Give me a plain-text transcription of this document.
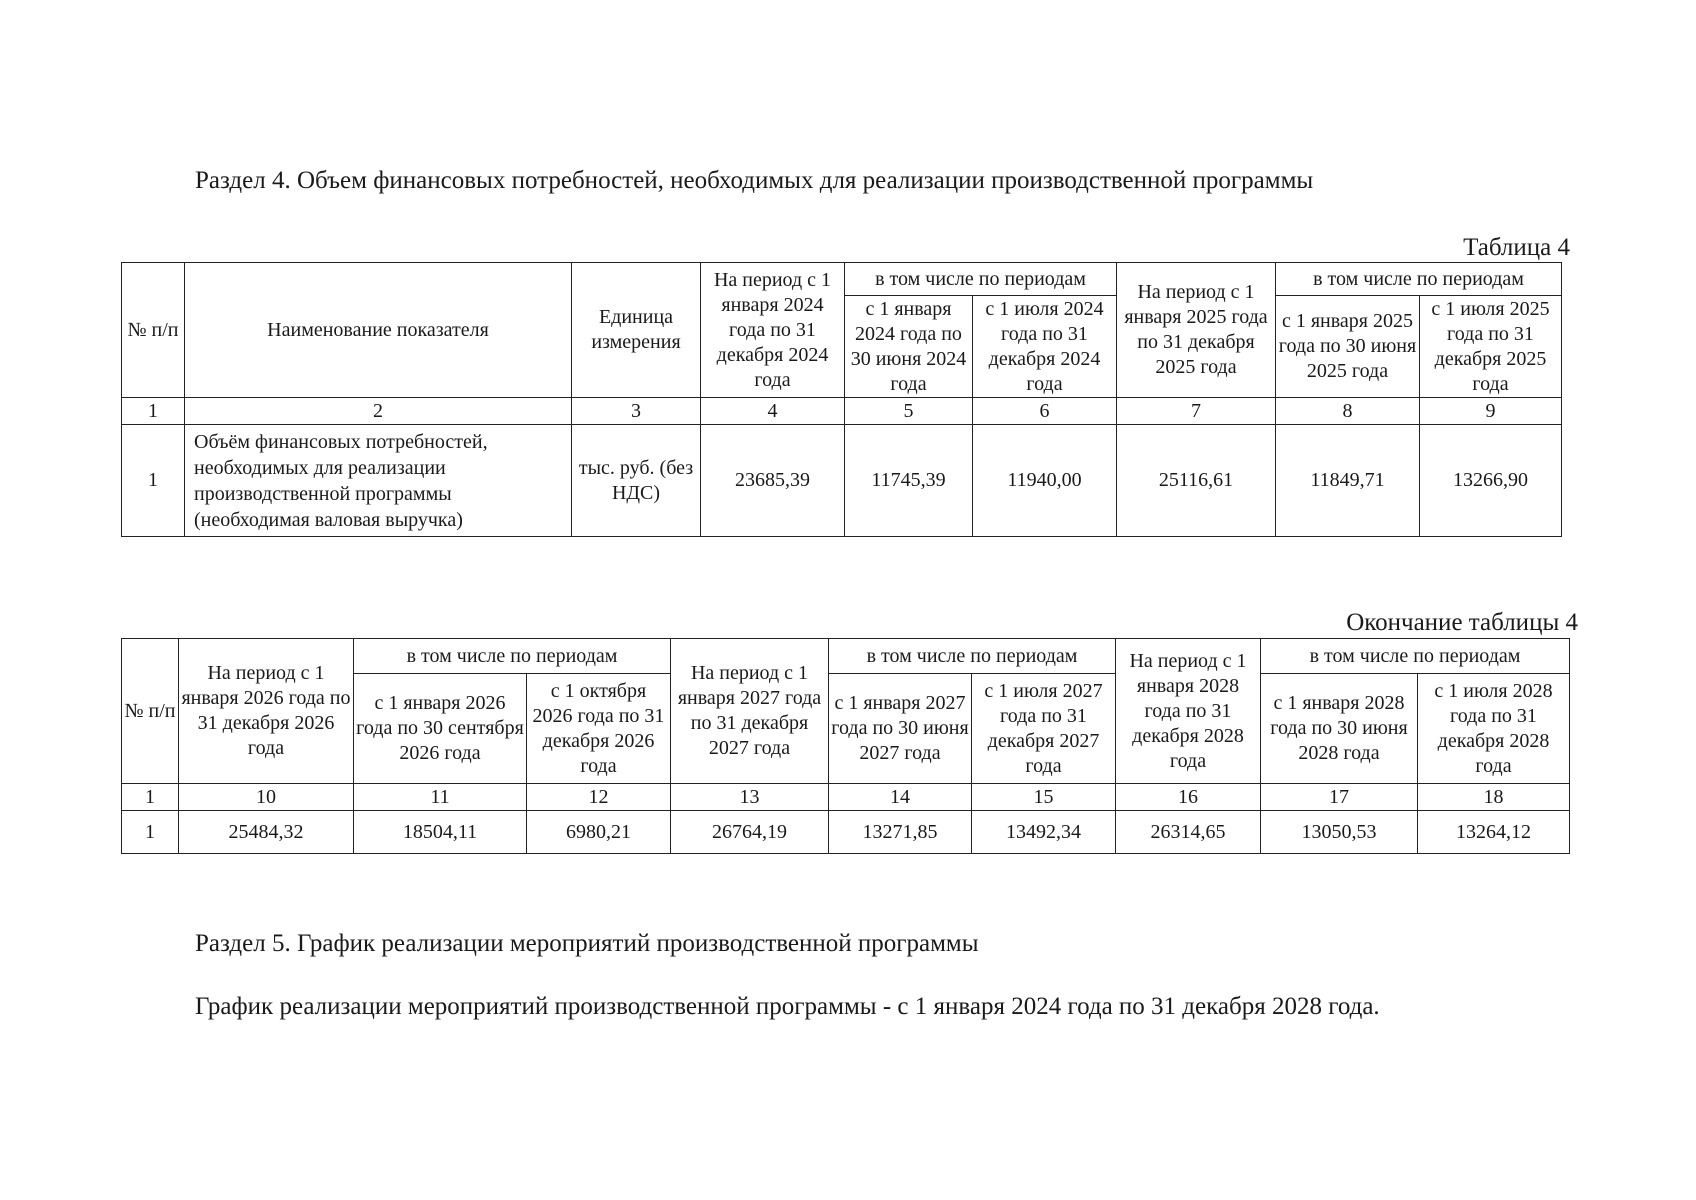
Раздел 4. Объем финансовых потребностей, необходимых для реализации производственной программы
Таблица 4
№ п/п	Наименование показателя	Единица измерения	На период с 1 января 2024 года по 31 декабря 2024 года	в том числе по периодам		На период с 1 января 2025 года по 31 декабря 2025 года	в том числе по периодам	
				с 1 января 2024 года по 30 июня 2024 года	с 1 июля 2024 года по 31 декабря 2024 года		с 1 января 2025 года по 30 июня 2025 года	с 1 июля 2025 года по 31 декабря 2025 года
1	2	3	4	5	6	7	8	9
1	Объём финансовых потребностей, необходимых для реализации производственной программы (необходимая валовая выручка)	тыс. руб. (без НДС)	23685,39	11745,39	11940,00	25116,61	11849,71	13266,90
Окончание таблицы 4
№ п/п	На период с 1 января 2026 года по 31 декабря 2026 года	в том числе по периодам		На период с 1 января 2027 года по 31 декабря 2027 года	в том числе по периодам		На период с 1 января 2028 года по 31 декабря 2028 года	в том числе по периодам	
		с 1 января 2026 года по 30 сентября 2026 года	с 1 октября 2026 года по 31 декабря 2026 года		с 1 января 2027 года по 30 июня 2027 года	с 1 июля 2027 года по 31 декабря 2027 года		с 1 января 2028 года по 30 июня 2028 года	с 1 июля 2028 года по 31 декабря 2028 года
1	10	11	12	13	14	15	16	17	18
1	25484,32	18504,11	6980,21	26764,19	13271,85	13492,34	26314,65	13050,53	13264,12
Раздел 5. График реализации мероприятий производственной программы
График реализации мероприятий производственной программы - с 1 января 2024 года по 31 декабря 2028 года.
